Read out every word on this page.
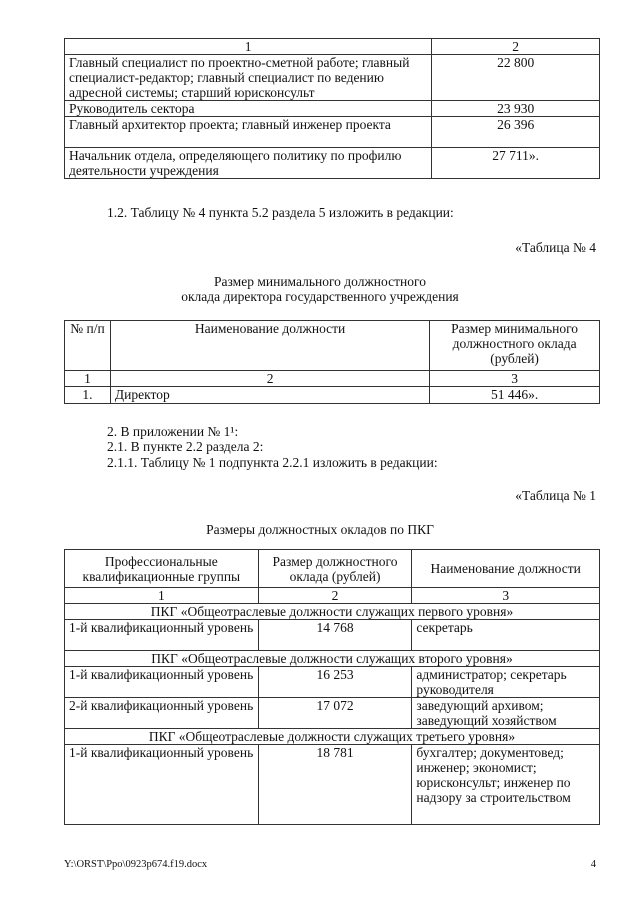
1	2
Главный специалист по проектно-сметной работе; главный специалист-редактор; главный специалист по ведению адресной системы; старший юрисконсульт	22 800
Руководитель сектора	23 930
Главный архитектор проекта; главный инженер проекта	26 396
Начальник отдела, определяющего политику по профилю деятельности учреждения	27 711».
1.2. Таблицу № 4 пункта 5.2 раздела 5 изложить в редакции:
«Таблица № 4
Размер минимального должностного
оклада директора государственного учреждения
№ п/п	Наименование должности	Размер минимального должностного оклада (рублей)
1	2	3
1.	Директор	51 446».
2. В приложении № 1¹:
2.1. В пункте 2.2 раздела 2:
2.1.1. Таблицу № 1 подпункта 2.2.1 изложить в редакции:
«Таблица № 1
Размеры должностных окладов по ПКГ
Профессиональные квалификационные группы	Размер должностного оклада (рублей)	Наименование должности
1	2	3
ПКГ «Общеотраслевые должности служащих первого уровня»		
1-й квалификационный уровень	14 768	секретарь
ПКГ «Общеотраслевые должности служащих второго уровня»		
1-й квалификационный уровень	16 253	администратор; секретарь руководителя
2-й квалификационный уровень	17 072	заведующий архивом; заведующий хозяйством
ПКГ «Общеотраслевые должности служащих третьего уровня»		
1-й квалификационный уровень	18 781	бухгалтер; документовед; инженер; экономист; юрисконсульт; инженер по надзору за строительством
Y:\ORST\Ppo\0923p674.f19.docx	4
